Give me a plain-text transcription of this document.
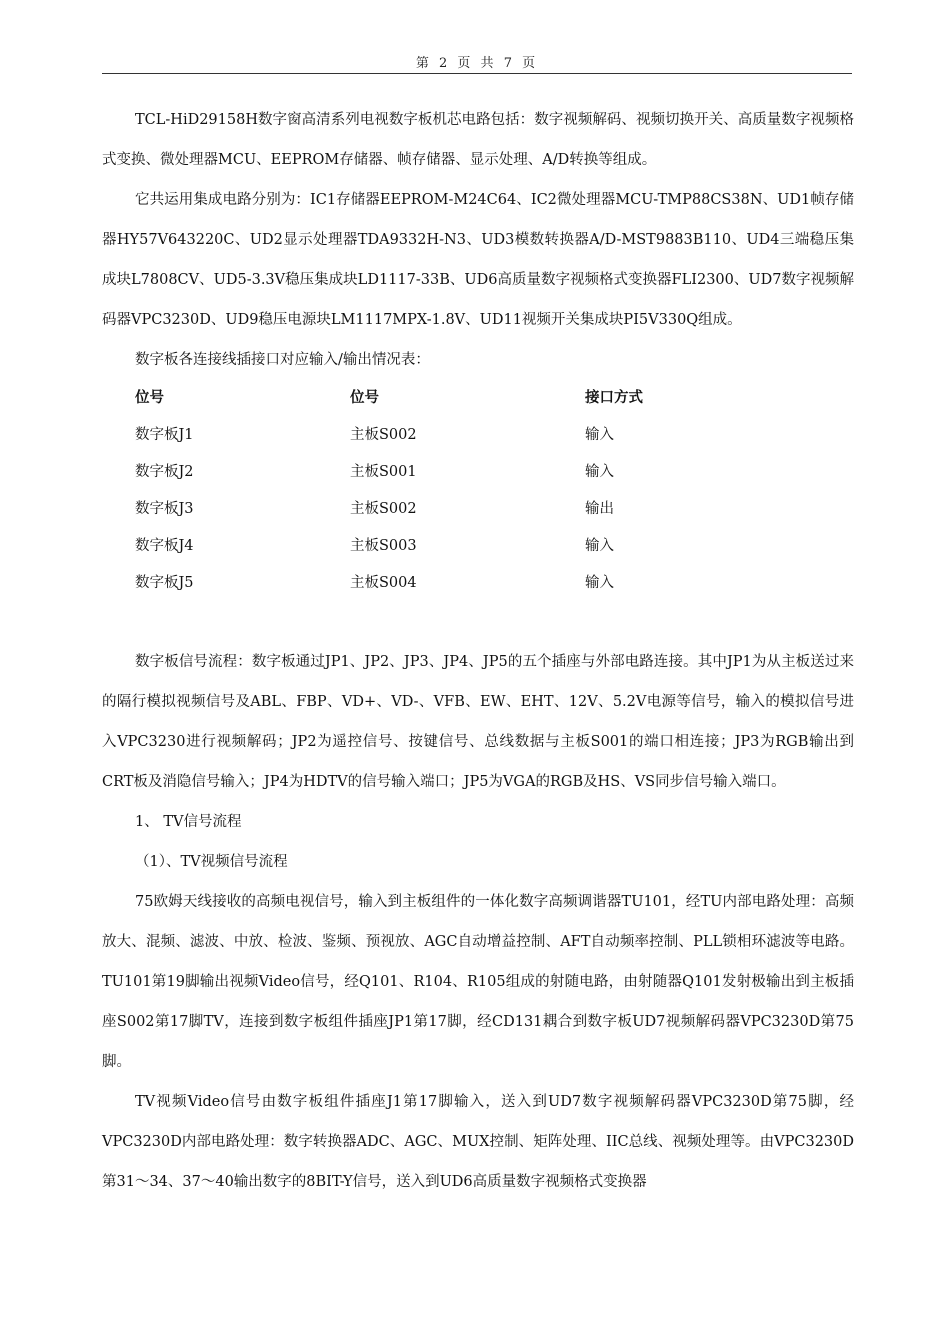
第 2 页 共 7 页

TCL-HiD29158H数字窗高清系列电视数字板机芯电路包括：数字视频解码、视频切换开关、高质量数字视频格式变换、微处理器MCU、EEPROM存储器、帧存储器、显示处理、A/D转换等组成。

它共运用集成电路分别为：IC1存储器EEPROM-M24C64、IC2微处理器MCU-TMP88CS38N、UD1帧存储器HY57V643220C、UD2显示处理器TDA9332H-N3、UD3模数转换器A/D-MST9883B110、UD4三端稳压集成块L7808CV、UD5-3.3V稳压集成块LD1117-33B、UD6高质量数字视频格式变换器FLI2300、UD7数字视频解码器VPC3230D、UD9稳压电源块LM1117MPX-1.8V、UD11视频开关集成块PI5V330Q组成。

数字板各连接线插接口对应输入/输出情况表：

位号	位号	接口方式
数字板J1	主板S002	输入
数字板J2	主板S001	输入
数字板J3	主板S002	输出
数字板J4	主板S003	输入
数字板J5	主板S004	输入

数字板信号流程：数字板通过JP1、JP2、JP3、JP4、JP5的五个插座与外部电路连接。其中JP1为从主板送过来的隔行模拟视频信号及ABL、FBP、VD+、VD-、VFB、EW、EHT、12V、5.2V电源等信号，输入的模拟信号进入VPC3230进行视频解码；JP2为遥控信号、按键信号、总线数据与主板S001的端口相连接；JP3为RGB输出到CRT板及消隐信号输入；JP4为HDTV的信号输入端口；JP5为VGA的RGB及HS、VS同步信号输入端口。

1、 TV信号流程

（1）、TV视频信号流程

75欧姆天线接收的高频电视信号，输入到主板组件的一体化数字高频调谐器TU101，经TU内部电路处理：高频放大、混频、滤波、中放、检波、鉴频、预视放、AGC自动增益控制、AFT自动频率控制、PLL锁相环滤波等电路。TU101第19脚输出视频Video信号，经Q101、R104、R105组成的射随电路，由射随器Q101发射极输出到主板插座S002第17脚TV，连接到数字板组件插座JP1第17脚，经CD131耦合到数字板UD7视频解码器VPC3230D第75脚。

TV视频Video信号由数字板组件插座J1第17脚输入，送入到UD7数字视频解码器VPC3230D第75脚，经VPC3230D内部电路处理：数字转换器ADC、AGC、MUX控制、矩阵处理、IIC总线、视频处理等。由VPC3230D第31～34、37～40输出数字的8BIT-Y信号，送入到UD6高质量数字视频格式变换器
